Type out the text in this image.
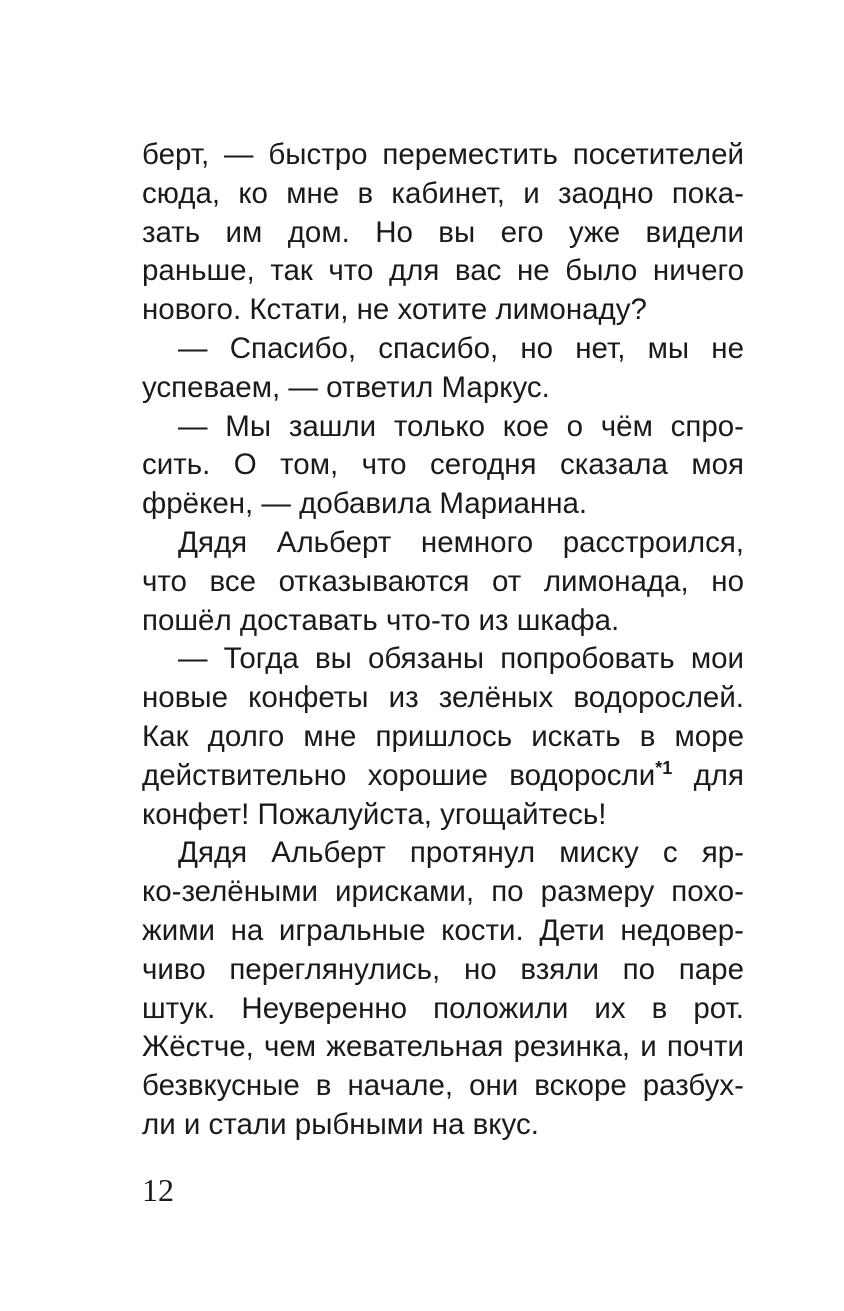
берт, — быстро переместить посетителей
сюда, ко мне в кабинет, и заодно пока-
зать им дом. Но вы его уже видели
раньше, так что для вас не было ничего
нового. Кстати, не хотите лимонаду?
— Спасибо, спасибо, но нет, мы не
успеваем, — ответил Маркус.
— Мы зашли только кое о чём спро-
сить. О том, что сегодня сказала моя
фрёкен, — добавила Марианна.
Дядя Альберт немного расстроился,
что все отказываются от лимонада, но
пошёл доставать что-то из шкафа.
— Тогда вы обязаны попробовать мои
новые конфеты из зелёных водорослей.
Как долго мне пришлось искать в море
действительно хорошие водоросли$^{*1}$ для
конфет! Пожалуйста, угощайтесь!
Дядя Альберт протянул миску с яр-
ко-зелёными ирисками, по размеру похо-
жими на игральные кости. Дети недовер-
чиво переглянулись, но взяли по паре
штук. Неуверенно положили их в рот.
Жёстче, чем жевательная резинка, и почти
безвкусные в начале, они вскоре разбух-
ли и стали рыбными на вкус.
12
